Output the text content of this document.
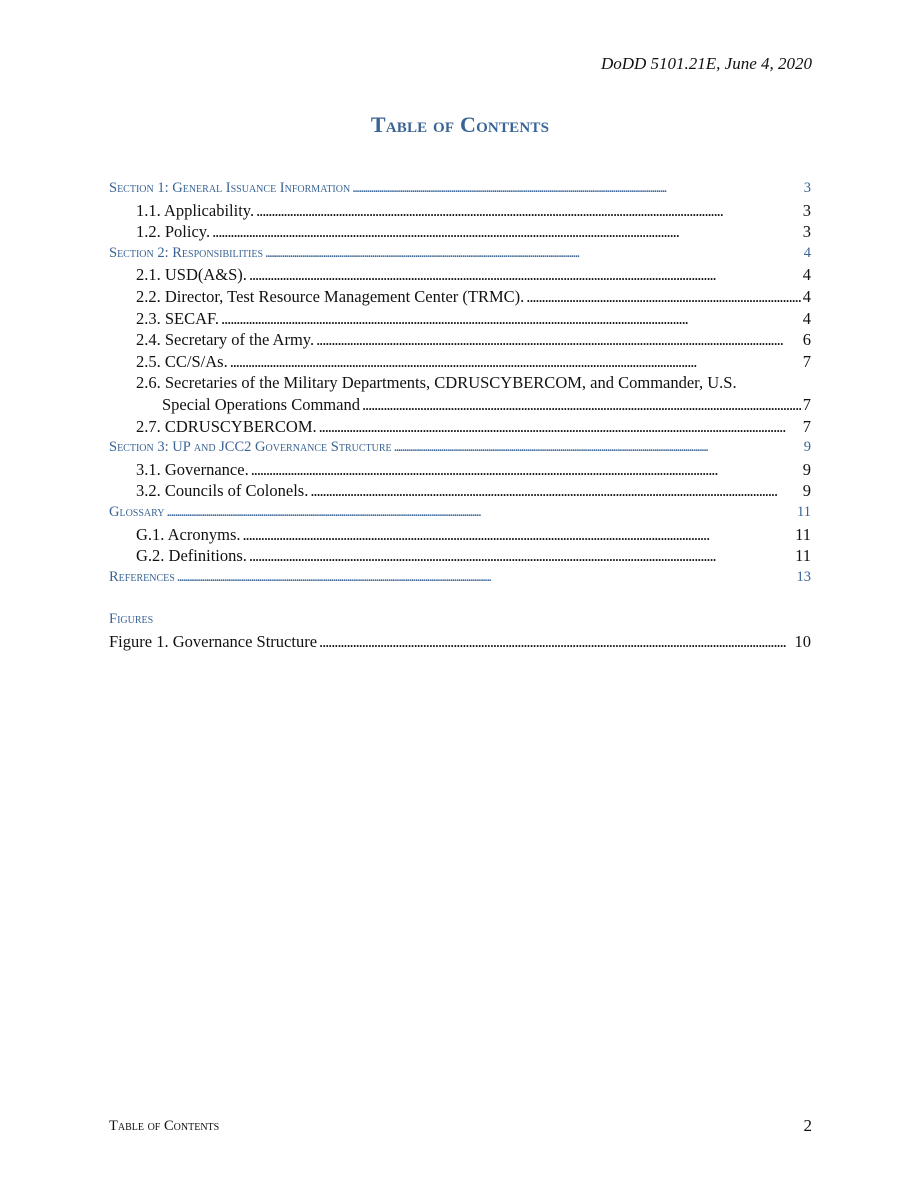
DoDD 5101.21E, June 4, 2020
Table of Contents
Section 1: General Issuance Information . . .	3
1.1. Applicability. . . .	3
1.2. Policy. . . .	3
Section 2: Responsibilities . . .	4
2.1. USD(A&S). . . .	4
2.2. Director, Test Resource Management Center (TRMC). . . .	4
2.3. SECAF. . . .	4
2.4. Secretary of the Army. . . .	6
2.5. CC/S/As. . . .	7
2.6. Secretaries of the Military Departments, CDRUSCYBERCOM, and Commander, U.S.
Special Operations Command . . .	7
2.7. CDRUSCYBERCOM. . . .	7
Section 3: UP and JCC2 Governance Structure . . .	9
3.1. Governance. . . .	9
3.2. Councils of Colonels. . . .	9
Glossary . . .	11
G.1. Acronyms. . . .	11
G.2. Definitions. . . .	11
References . . .	13
Figures
Figure 1. Governance Structure . . .	10
Table of Contents	2
